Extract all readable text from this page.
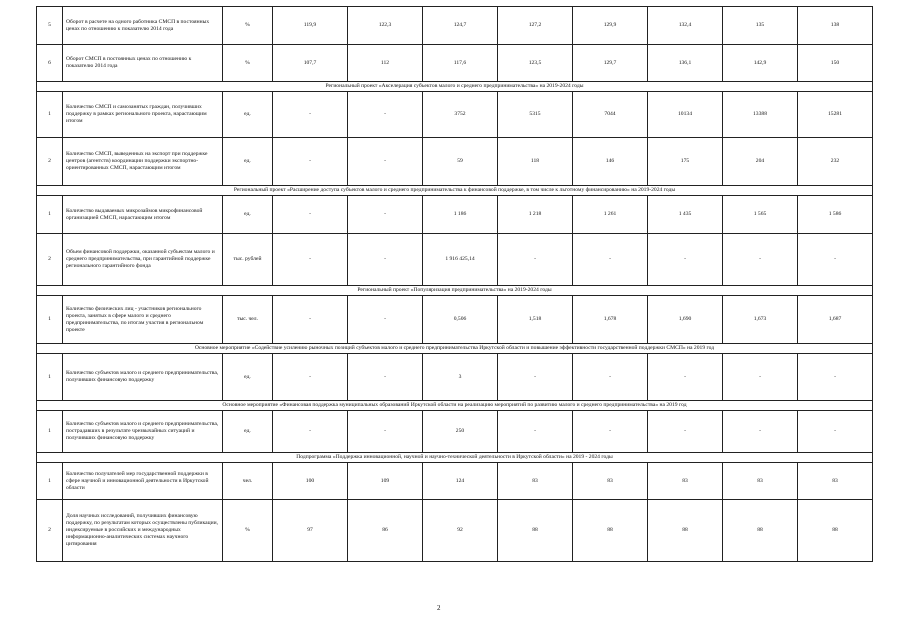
5	Оборот в расчете на одного работника СМСП в постоянных ценах по отношению к показателю 2014 года	%	119,9	122,3	124,7	127,2	129,9	132,4	135	138
6	Оборот СМСП в постоянных ценах по отношению к показателю 2014 года	%	107,7	112	117,6	123,5	129,7	136,1	142,9	150
Региональный проект «Акселерация субъектов малого и среднего предпринимательства» на 2019-2024 годы										
1	Количество СМСП и самозанятых граждан, получивших поддержку в рамках регионального проекта, нарастающим итогом	ед.	-	-	3752	5315	7044	10134	13388	15281
2	Количество СМСП, выведенных на экспорт при поддержке центров (агентств) координации поддержки экспортно-ориентированных СМСП, нарастающим итогом	ед.	-	-	59	118	146	175	204	232
Региональный проект «Расширение доступа субъектов малого и среднего предпринимательства к финансовой поддержке, в том числе к льготному финансированию» на 2019-2024 годы										
1	Количество выдаваемых микрозаймов микрофинансовой организацией СМСП, нарастающим итогом	ед.	-	-	1 186	1 218	1 261	1 435	1 565	1 586
2	Объем финансовой поддержки, оказанной субъектам малого и среднего предпринимательства, при гарантийной поддержке регионального гарантийного фонда	тыс. рублей	-	-	1 916 425,14	-	-	-	-	-
Региональный проект «Популяризация предпринимательства» на 2019-2024 годы										
1	Количество физических лиц - участников регионального проекта, занятых в сфере малого и среднего предпринимательства, по итогам участия в региональном проекте	тыс. чел.	-	-	0,506	1,518	1,678	1,690	1,673	1,687
Основное мероприятие «Содействие усилению рыночных позиций субъектов малого и среднего предпринимательства Иркутской области и повышение эффективности государственной поддержки СМСП» на 2019 год										
1	Количество субъектов малого и среднего предпринимательства, получивших финансовую поддержку	ед.	-	-	3	-	-	-	-	-
Основное мероприятие «Финансовая поддержка муниципальных образований Иркутской области на реализацию мероприятий по развитию малого и среднего предпринимательства» на 2019 год										
1	Количество субъектов малого и среднего предпринимательства, пострадавших в результате чрезвычайных ситуаций и получивших финансовую поддержку	ед.	-	-	250	-	-	-	-	-
Подпрограмма «Поддержка инновационной, научной и научно-технической деятельности в Иркутской области» на 2019 - 2024 годы										
1	Количество получателей мер государственной поддержки в сфере научной и инновационной деятельности в Иркутской области	чел.	100	109	124	83	83	83	83	83
2	Доля научных исследований, получивших финансовую поддержку, по результатам которых осуществлены публикации, индексируемые в российских и международных информационно-аналитических системах научного цитирования	%	97	86	92	88	88	88	88	88
2
